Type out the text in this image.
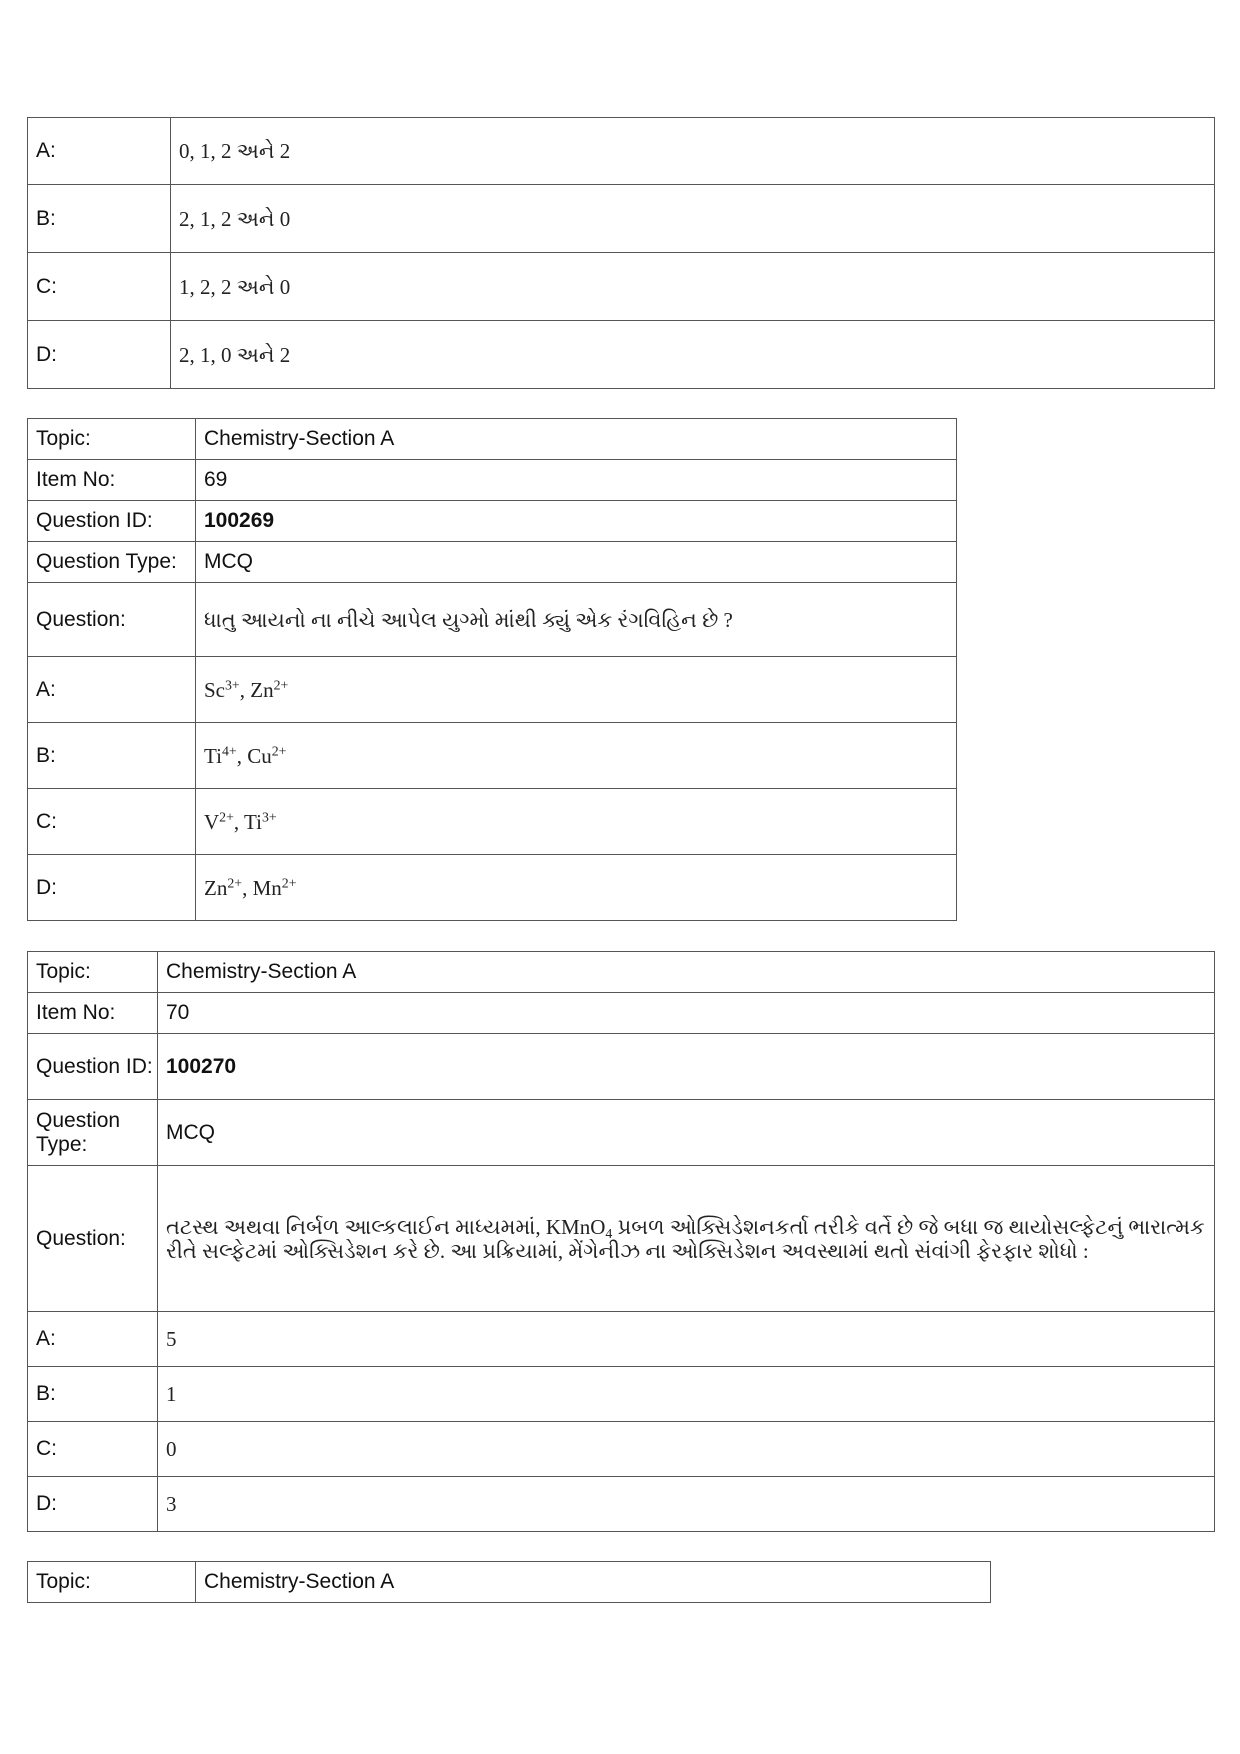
A:	0, 1, 2 અને 2
B:	2, 1, 2 અને 0
C:	1, 2, 2 અને 0
D:	2, 1, 0 અને 2
Topic:	Chemistry-Section A
Item No:	69
Question ID:	100269
Question Type:	MCQ
Question:	ધાતુ આયનો ના નીચે આપેલ યુગ્મો માંથી ક્યું એક રંગવિહિન છે ?
A:	$Sc^{3+}$, $Zn^{2+}$
B:	$Ti^{4+}$, $Cu^{2+}$
C:	$V^{2+}$, $Ti^{3+}$
D:	$Zn^{2+}$, $Mn^{2+}$
Topic:	Chemistry-Section A
Item No:	70
Question ID:	100270
Question Type:	MCQ
Question:	તટસ્થ અથવા નિર્બળ આલ્કલાઈન માધ્યમમાં, KMnO$_4$ પ્રબળ ઓક્સિડેશનકર્તા તરીકે વર્તે છે જે બધા જ થાયોસલ્ફેટનું ભારાત્મક રીતે સલ્ફેટમાં ઓક્સિડેશન કરે છે. આ પ્રક્રિયામાં, મેંગેનીઝ ના ઓક્સિડેશન અવસ્થામાં થતો સંવાંગી ફેરફાર શોધો :
A:	5
B:	1
C:	0
D:	3
Topic:	Chemistry-Section A
